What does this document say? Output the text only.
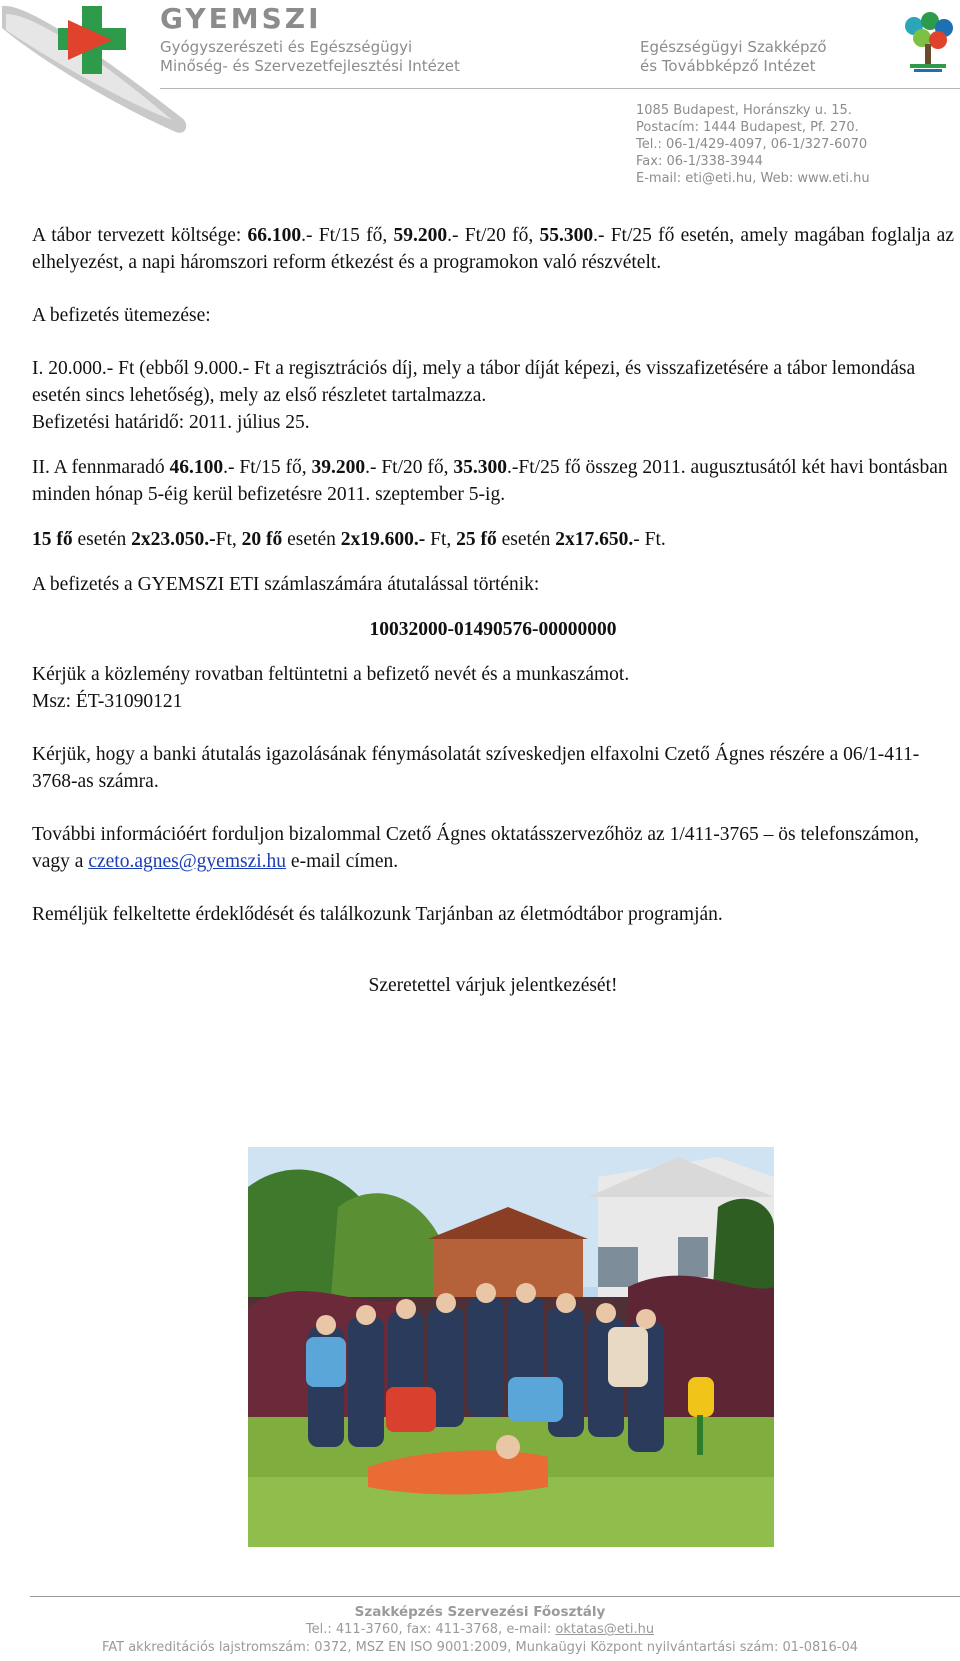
GYEMSZI
Gyógyszerészeti és Egészségügyi
Minőség- és Szervezetfejlesztési Intézet
Egészségügyi Szakképző
és Továbbképző Intézet
1085 Budapest, Horánszky u. 15.
Postacím: 1444 Budapest, Pf. 270.
Tel.: 06-1/429-4097, 06-1/327-6070
Fax: 06-1/338-3944
E-mail: eti@eti.hu, Web: www.eti.hu

A tábor tervezett költsége: 66.100.- Ft/15 fő, 59.200.- Ft/20 fő, 55.300.- Ft/25 fő esetén, amely magában foglalja az elhelyezést, a napi háromszori reform étkezést és a programokon való részvételt.

A befizetés ütemezése:

I. 20.000.- Ft (ebből 9.000.- Ft a regisztrációs díj, mely a tábor díját képezi, és visszafizetésére a tábor lemondása esetén sincs lehetőség), mely az első részletet tartalmazza.

Befizetési határidő: 2011. július 25.

II. A fennmaradó 46.100.- Ft/15 fő, 39.200.- Ft/20 fő, 35.300.-Ft/25 fő összeg 2011. augusztusától két havi bontásban minden hónap 5-éig kerül befizetésre 2011. szeptember 5-ig.

15 fő esetén 2x23.050.-Ft, 20 fő esetén 2x19.600.- Ft, 25 fő esetén 2x17.650.- Ft.

A befizetés a GYEMSZI ETI számlaszámára átutalással történik:

10032000-01490576-00000000

Kérjük a közlemény rovatban feltüntetni a befizető nevét és a munkaszámot.

Msz: ÉT-31090121

Kérjük, hogy a banki átutalás igazolásának fénymásolatát szíveskedjen elfaxolni Czető Ágnes részére a 06/1-411-3768-as számra.

További információért forduljon bizalommal Czető Ágnes oktatásszervezőhöz az 1/411-3765 – ös telefonszámon, vagy a czeto.agnes@gyemszi.hu e-mail címen.

Reméljük felkeltette érdeklődését és találkozunk Tarjánban az életmódtábor programján.

Szeretettel várjuk jelentkezését!

Szakképzés Szervezési Főosztály
Tel.: 411-3760, fax: 411-3768, e-mail: oktatas@eti.hu
FAT akkreditációs lajstromszám: 0372, MSZ EN ISO 9001:2009, Munkaügyi Központ nyilvántartási szám: 01-0816-04
